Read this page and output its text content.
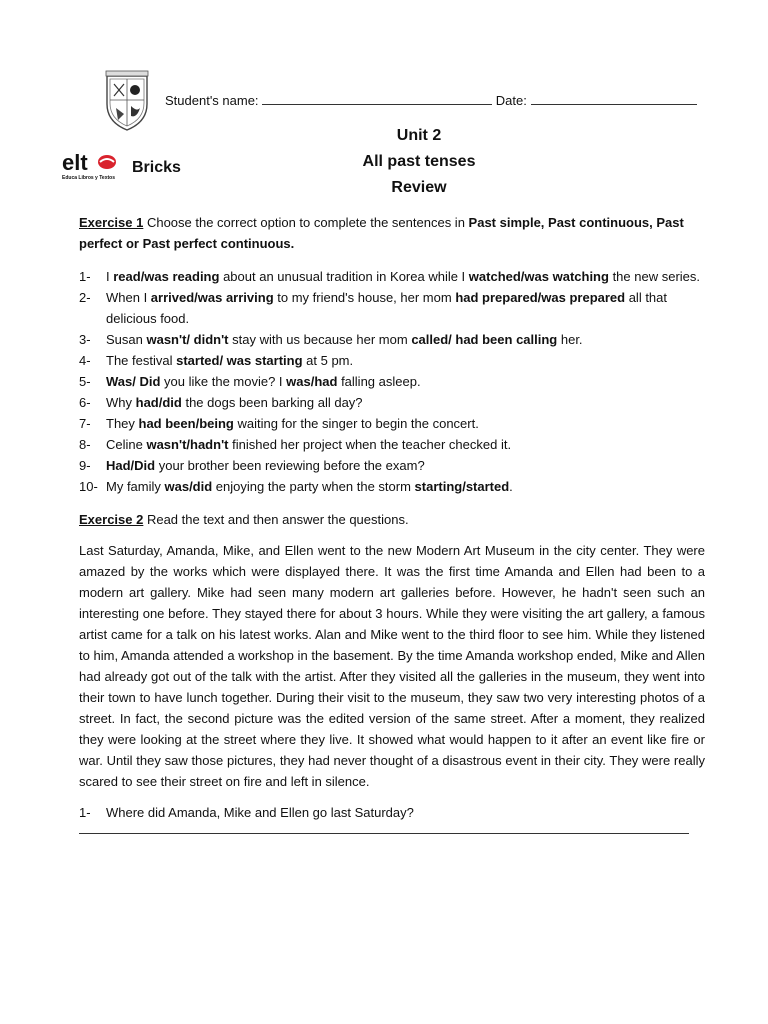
Student's name:	Date:
Unit 2
All past tenses
Review
elt
Educa Libros y Textos
Bricks

Exercise 1 Choose the correct option to complete the sentences in Past simple, Past continuous, Past perfect or Past perfect continuous.

1- I read/was reading about an unusual tradition in Korea while I watched/was watching the new series.
2- When I arrived/was arriving to my friend's house, her mom had prepared/was prepared all that delicious food.
3- Susan wasn't/ didn't stay with us because her mom called/ had been calling her.
4- The festival started/ was starting at 5 pm.
5- Was/ Did you like the movie? I was/had falling asleep.
6- Why had/did the dogs been barking all day?
7- They had been/being waiting for the singer to begin the concert.
8- Celine wasn't/hadn't finished her project when the teacher checked it.
9- Had/Did your brother been reviewing before the exam?
10- My family was/did enjoying the party when the storm starting/started.

Exercise 2 Read the text and then answer the questions.

Last Saturday, Amanda, Mike, and Ellen went to the new Modern Art Museum in the city center. They were amazed by the works which were displayed there. It was the first time Amanda and Ellen had been to a modern art gallery. Mike had seen many modern art galleries before. However, he hadn't seen such an interesting one before. They stayed there for about 3 hours. While they were visiting the art gallery, a famous artist came for a talk on his latest works. Alan and Mike went to the third floor to see him. While they listened to him, Amanda attended a workshop in the basement. By the time Amanda workshop ended, Mike and Allen had already got out of the talk with the artist. After they visited all the galleries in the museum, they went into their town to have lunch together. During their visit to the museum, they saw two very interesting photos of a street. In fact, the second picture was the edited version of the same street. After a moment, they realized they were looking at the street where they live. It showed what would happen to it after an event like fire or war. Until they saw those pictures, they had never thought of a disastrous event in their city. They were really scared to see their street on fire and left in silence.

1- Where did Amanda, Mike and Ellen go last Saturday?
